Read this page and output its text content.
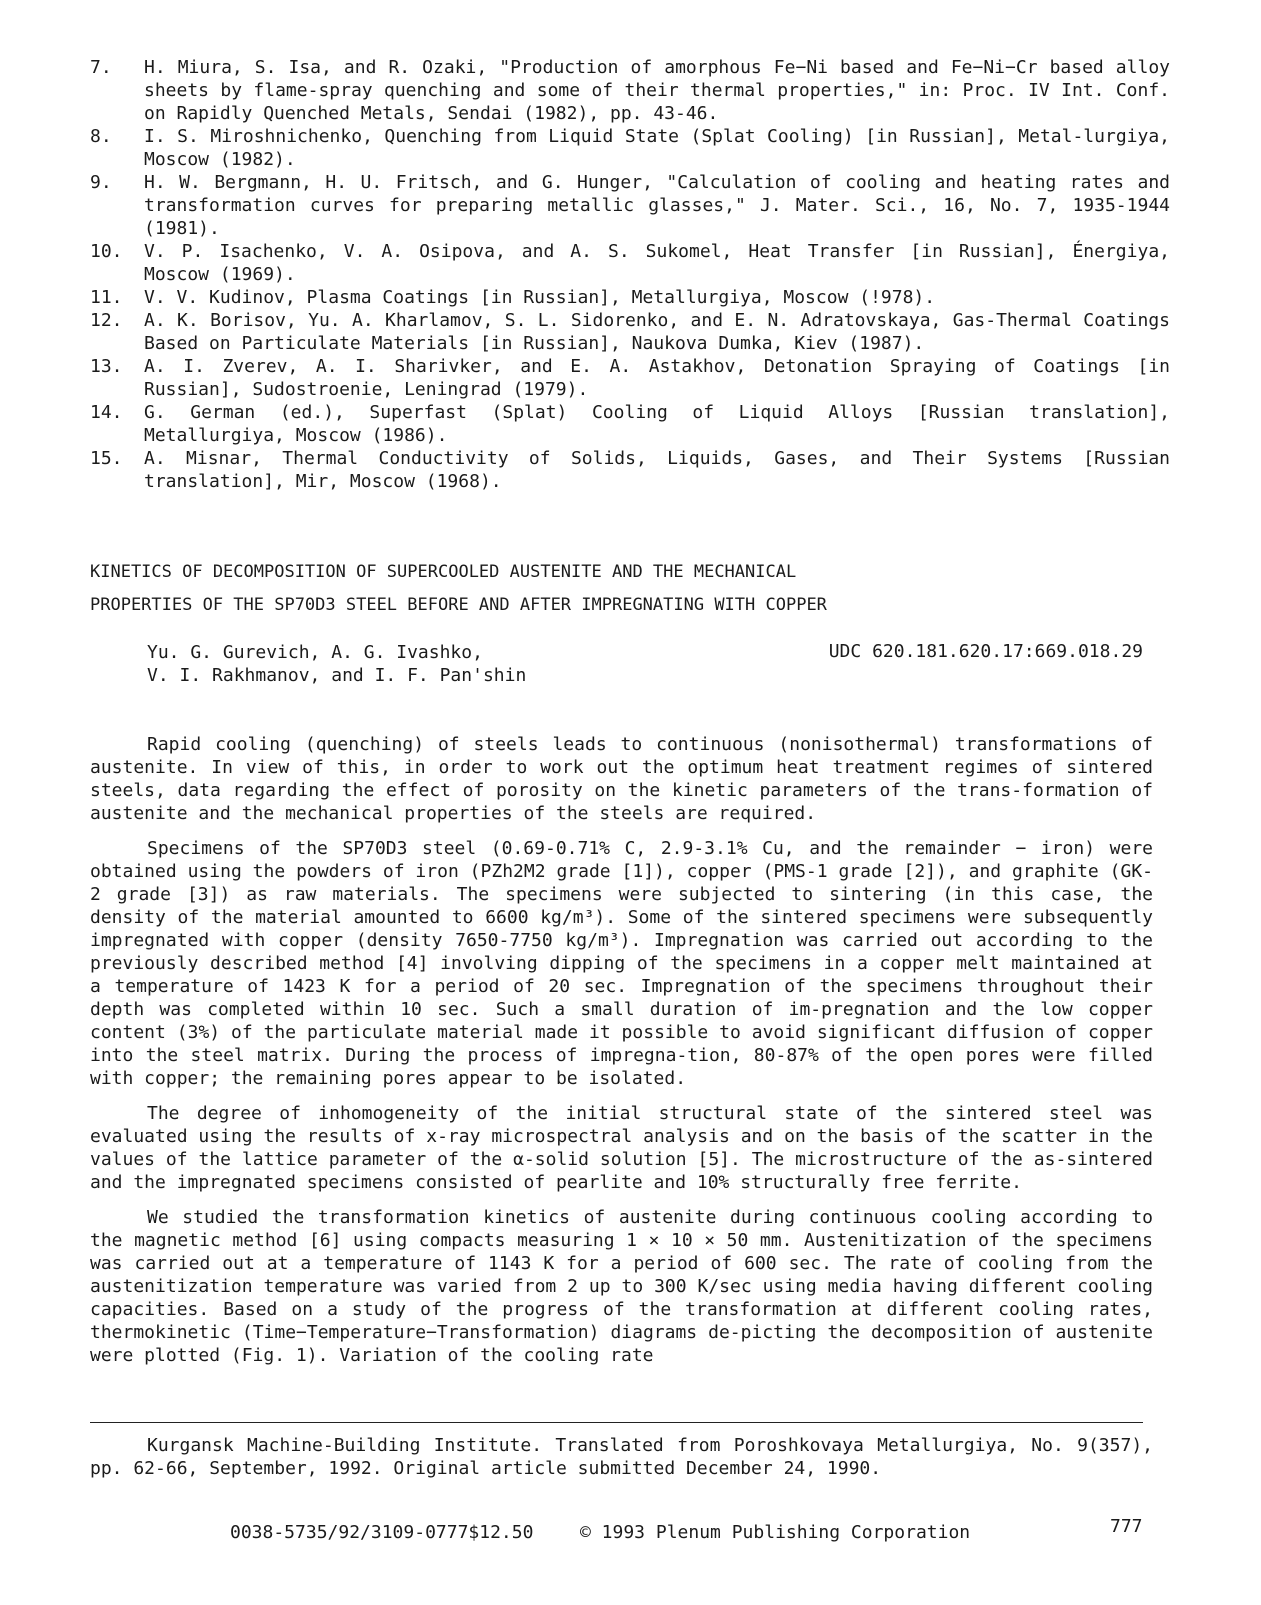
7.	H. Miura, S. Isa, and R. Ozaki, "Production of amorphous Fe−Ni based and Fe−Ni−Cr based alloy sheets by flame-spray quenching and some of their thermal properties," in: Proc. IV Int. Conf. on Rapidly Quenched Metals, Sendai (1982), pp. 43-46.
8.	I. S. Miroshnichenko, Quenching from Liquid State (Splat Cooling) [in Russian], Metal-lurgiya, Moscow (1982).
9.	H. W. Bergmann, H. U. Fritsch, and G. Hunger, "Calculation of cooling and heating rates and transformation curves for preparing metallic glasses," J. Mater. Sci., 16, No. 7, 1935-1944 (1981).
10.	V. P. Isachenko, V. A. Osipova, and A. S. Sukomel, Heat Transfer [in Russian], Énergiya, Moscow (1969).
11.	V. V. Kudinov, Plasma Coatings [in Russian], Metallurgiya, Moscow (!978).
12.	A. K. Borisov, Yu. A. Kharlamov, S. L. Sidorenko, and E. N. Adratovskaya, Gas-Thermal Coatings Based on Particulate Materials [in Russian], Naukova Dumka, Kiev (1987).
13.	A. I. Zverev, A. I. Sharivker, and E. A. Astakhov, Detonation Spraying of Coatings [in Russian], Sudostroenie, Leningrad (1979).
14.	G. German (ed.), Superfast (Splat) Cooling of Liquid Alloys [Russian translation], Metallurgiya, Moscow (1986).
15.	A. Misnar, Thermal Conductivity of Solids, Liquids, Gases, and Their Systems [Russian translation], Mir, Moscow (1968).
KINETICS OF DECOMPOSITION OF SUPERCOOLED AUSTENITE AND THE MECHANICAL
PROPERTIES OF THE SP70D3 STEEL BEFORE AND AFTER IMPREGNATING WITH COPPER
Yu. G. Gurevich, A. G. Ivashko,
V. I. Rakhmanov, and I. F. Pan'shin
UDC 620.181.620.17:669.018.29

Rapid cooling (quenching) of steels leads to continuous (nonisothermal) transformations of austenite. In view of this, in order to work out the optimum heat treatment regimes of sintered steels, data regarding the effect of porosity on the kinetic parameters of the trans-formation of austenite and the mechanical properties of the steels are required.

Specimens of the SP70D3 steel (0.69-0.71% C, 2.9-3.1% Cu, and the remainder − iron) were obtained using the powders of iron (PZh2M2 grade [1]), copper (PMS-1 grade [2]), and graphite (GK-2 grade [3]) as raw materials. The specimens were subjected to sintering (in this case, the density of the material amounted to 6600 kg/m³). Some of the sintered specimens were subsequently impregnated with copper (density 7650-7750 kg/m³). Impregnation was carried out according to the previously described method [4] involving dipping of the specimens in a copper melt maintained at a temperature of 1423 K for a period of 20 sec. Impregnation of the specimens throughout their depth was completed within 10 sec. Such a small duration of im-pregnation and the low copper content (3%) of the particulate material made it possible to avoid significant diffusion of copper into the steel matrix. During the process of impregna-tion, 80-87% of the open pores were filled with copper; the remaining pores appear to be isolated.

The degree of inhomogeneity of the initial structural state of the sintered steel was evaluated using the results of x-ray microspectral analysis and on the basis of the scatter in the values of the lattice parameter of the α-solid solution [5]. The microstructure of the as-sintered and the impregnated specimens consisted of pearlite and 10% structurally free ferrite.

We studied the transformation kinetics of austenite during continuous cooling according to the magnetic method [6] using compacts measuring 1 × 10 × 50 mm. Austenitization of the specimens was carried out at a temperature of 1143 K for a period of 600 sec. The rate of cooling from the austenitization temperature was varied from 2 up to 300 K/sec using media having different cooling capacities. Based on a study of the progress of the transformation at different cooling rates, thermokinetic (Time−Temperature−Transformation) diagrams de-picting the decomposition of austenite were plotted (Fig. 1). Variation of the cooling rate

Kurgansk Machine-Building Institute. Translated from Poroshkovaya Metallurgiya, No. 9(357), pp. 62-66, September, 1992. Original article submitted December 24, 1990.
0038-5735/92/3109-0777$12.50	© 1993 Plenum Publishing Corporation	777
